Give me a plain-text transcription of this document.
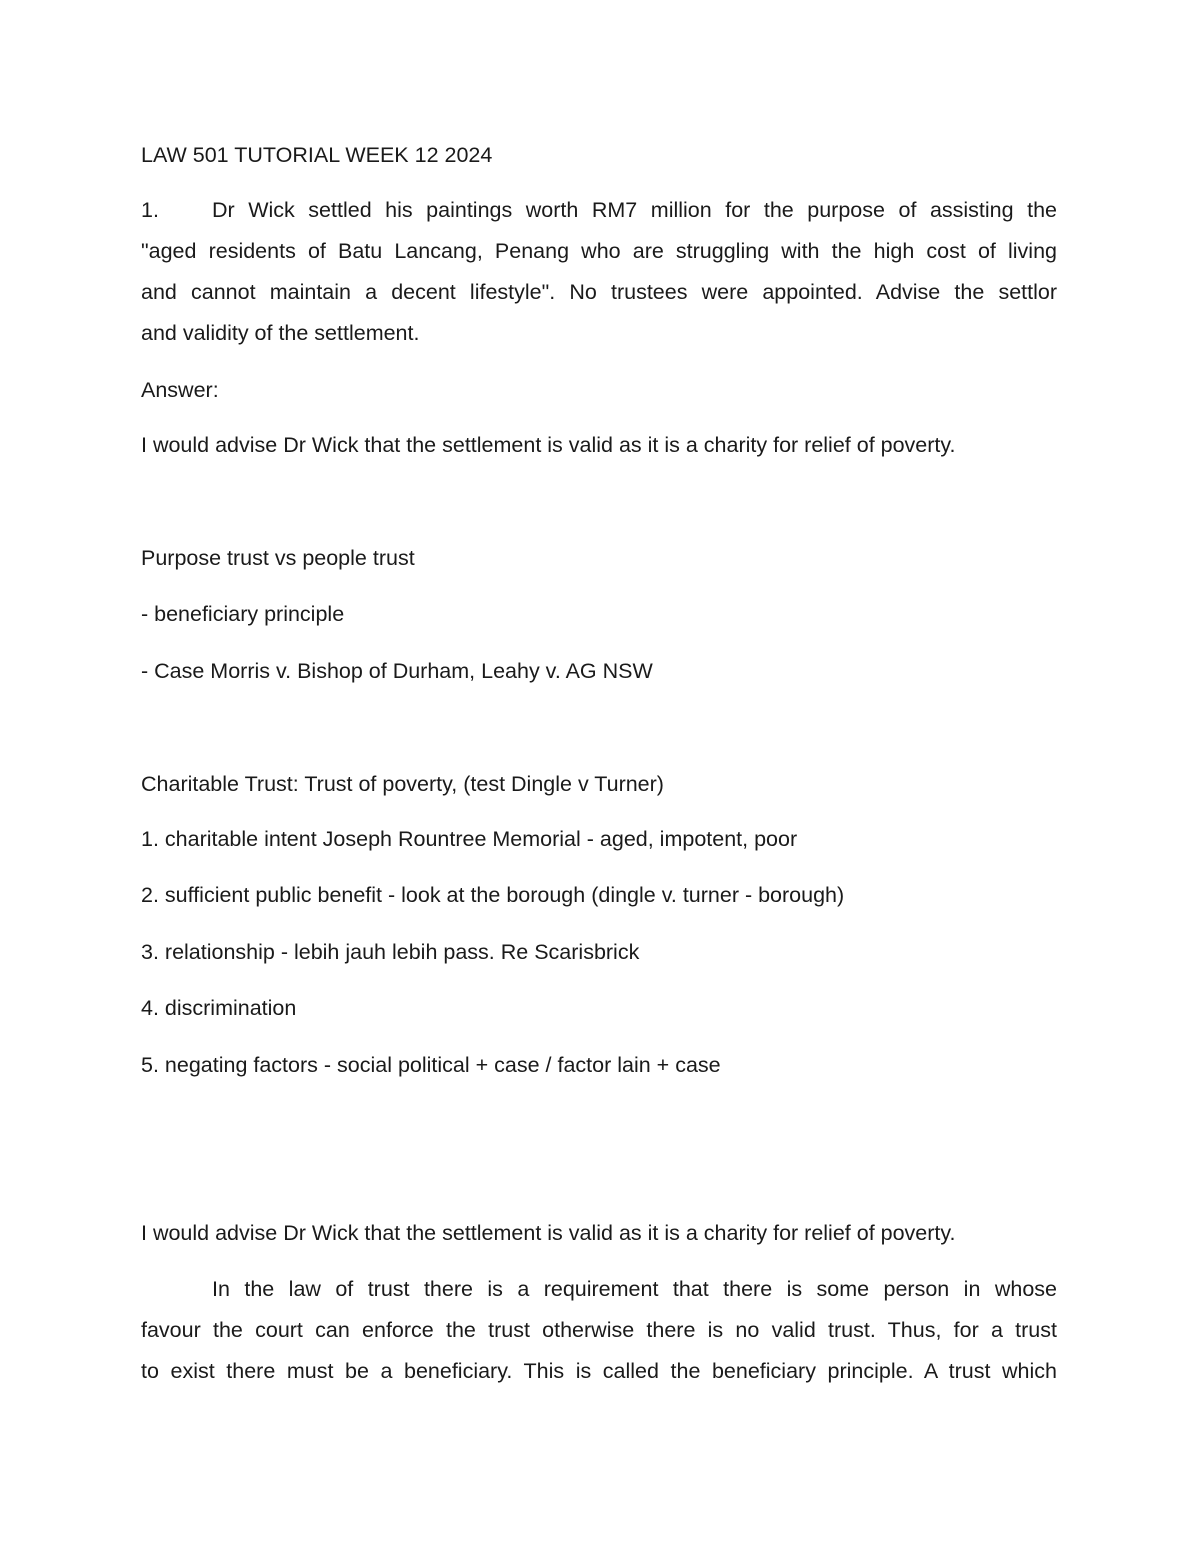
LAW 501 TUTORIAL WEEK 12 2024

1. Dr Wick settled his paintings worth RM7 million for the purpose of assisting the
"aged residents of Batu Lancang, Penang who are struggling with the high cost of living
and cannot maintain a decent lifestyle". No trustees were appointed. Advise the settlor
and validity of the settlement.

Answer:

I would advise Dr Wick that the settlement is valid as it is a charity for relief of poverty.

Purpose trust vs people trust

- beneficiary principle

- Case Morris v. Bishop of Durham, Leahy v. AG NSW

Charitable Trust: Trust of poverty, (test Dingle v Turner)

1. charitable intent Joseph Rountree Memorial - aged, impotent, poor

2. sufficient public benefit - look at the borough (dingle v. turner - borough)

3. relationship - lebih jauh lebih pass. Re Scarisbrick

4. discrimination

5. negating factors - social political + case / factor lain + case

I would advise Dr Wick that the settlement is valid as it is a charity for relief of poverty.

In the law of trust there is a requirement that there is some person in whose
favour the court can enforce the trust otherwise there is no valid trust. Thus, for a trust
to exist there must be a beneficiary. This is called the beneficiary principle. A trust which
